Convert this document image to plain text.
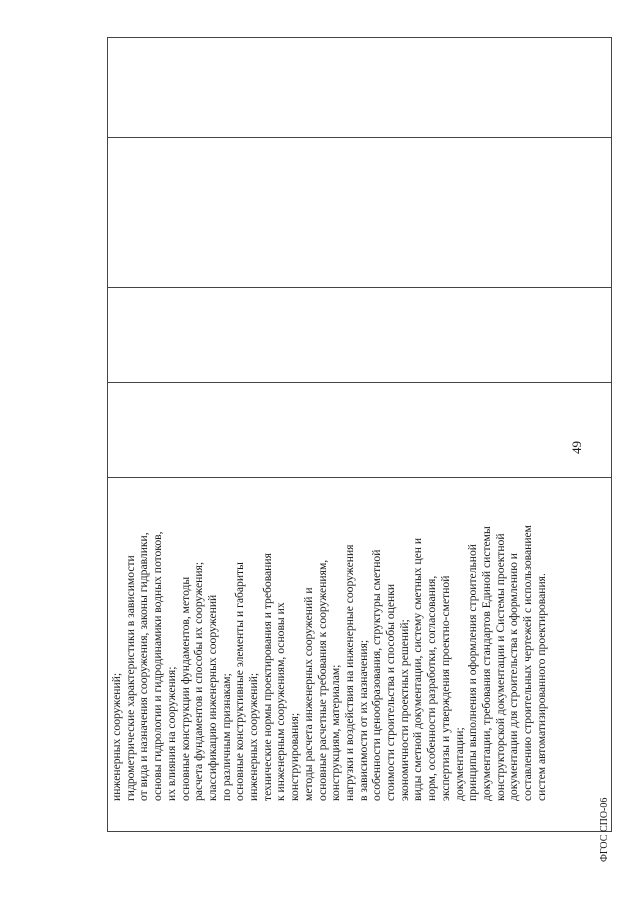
инженерных сооружений; гидрометрические характеристики в зависимости от вида и назначения сооружения, законы гидравлики, основы гидрологии и гидродинамики водных потоков, их влияния на сооружения; основные конструкции фундаментов, методы расчета фундаментов и способы их сооружения; классификацию инженерных сооружений по различным признакам; основные конструктивные элементы и габариты инженерных сооружений; технические нормы проектирования и требования к инженерным сооружениям, основы их конструирования; методы расчета инженерных сооружений и основные расчетные требования к сооружениям, конструкциям, материалам; нагрузки и воздействия на инженерные сооружения в зависимости от их назначения; особенности ценообразования, структуры сметной стоимости строительства и способы оценки экономичности проектных решений; виды сметной документации, систему сметных цен и норм, особенности разработки, согласования, экспертизы и утверждения проектно-сметной документации; принципы выполнения и оформления строительной документации, требования стандартов Единой системы конструкторской документации и Системы проектной документации для строительства к оформлению и составлению строительных чертежей с использованием систем автоматизированного проектирования.
49
ФГОС СПО-06
